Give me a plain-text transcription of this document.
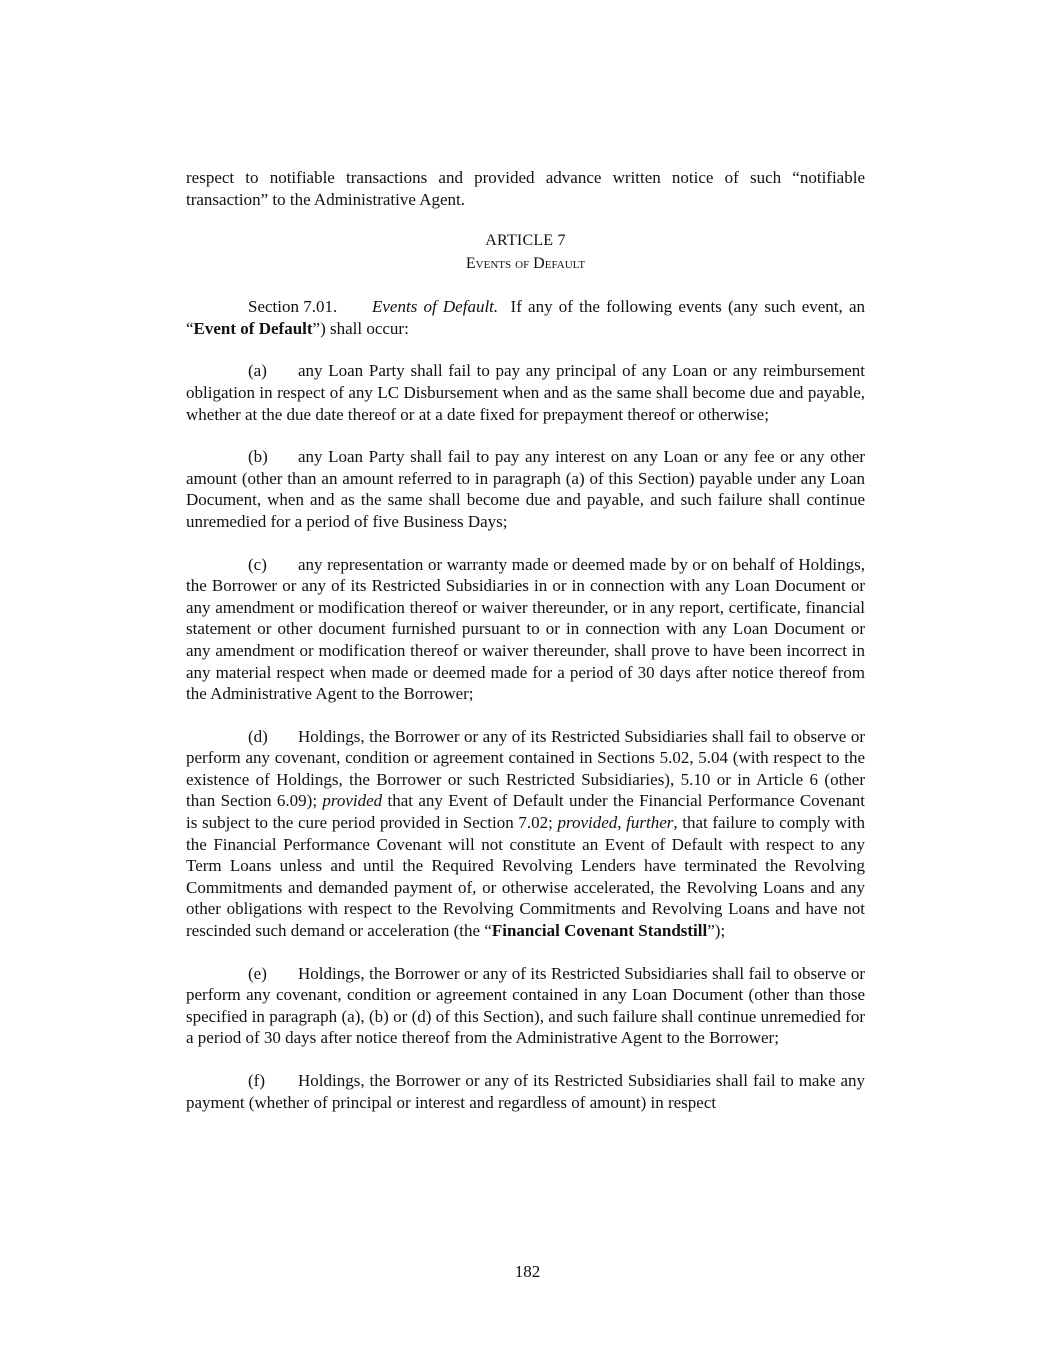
respect to notifiable transactions and provided advance written notice of such “notifiable transaction” to the Administrative Agent.

ARTICLE 7
Events of Default

Section 7.01. Events of Default. If any of the following events (any such event, an “Event of Default”) shall occur:

(a) any Loan Party shall fail to pay any principal of any Loan or any reimbursement obligation in respect of any LC Disbursement when and as the same shall become due and payable, whether at the due date thereof or at a date fixed for prepayment thereof or otherwise;

(b) any Loan Party shall fail to pay any interest on any Loan or any fee or any other amount (other than an amount referred to in paragraph (a) of this Section) payable under any Loan Document, when and as the same shall become due and payable, and such failure shall continue unremedied for a period of five Business Days;

(c) any representation or warranty made or deemed made by or on behalf of Holdings, the Borrower or any of its Restricted Subsidiaries in or in connection with any Loan Document or any amendment or modification thereof or waiver thereunder, or in any report, certificate, financial statement or other document furnished pursuant to or in connection with any Loan Document or any amendment or modification thereof or waiver thereunder, shall prove to have been incorrect in any material respect when made or deemed made for a period of 30 days after notice thereof from the Administrative Agent to the Borrower;

(d) Holdings, the Borrower or any of its Restricted Subsidiaries shall fail to observe or perform any covenant, condition or agreement contained in Sections 5.02, 5.04 (with respect to the existence of Holdings, the Borrower or such Restricted Subsidiaries), 5.10 or in Article 6 (other than Section 6.09); provided that any Event of Default under the Financial Performance Covenant is subject to the cure period provided in Section 7.02; provided, further, that failure to comply with the Financial Performance Covenant will not constitute an Event of Default with respect to any Term Loans unless and until the Required Revolving Lenders have terminated the Revolving Commitments and demanded payment of, or otherwise accelerated, the Revolving Loans and any other obligations with respect to the Revolving Commitments and Revolving Loans and have not rescinded such demand or acceleration (the “Financial Covenant Standstill”);

(e) Holdings, the Borrower or any of its Restricted Subsidiaries shall fail to observe or perform any covenant, condition or agreement contained in any Loan Document (other than those specified in paragraph (a), (b) or (d) of this Section), and such failure shall continue unremedied for a period of 30 days after notice thereof from the Administrative Agent to the Borrower;

(f) Holdings, the Borrower or any of its Restricted Subsidiaries shall fail to make any payment (whether of principal or interest and regardless of amount) in respect

182
